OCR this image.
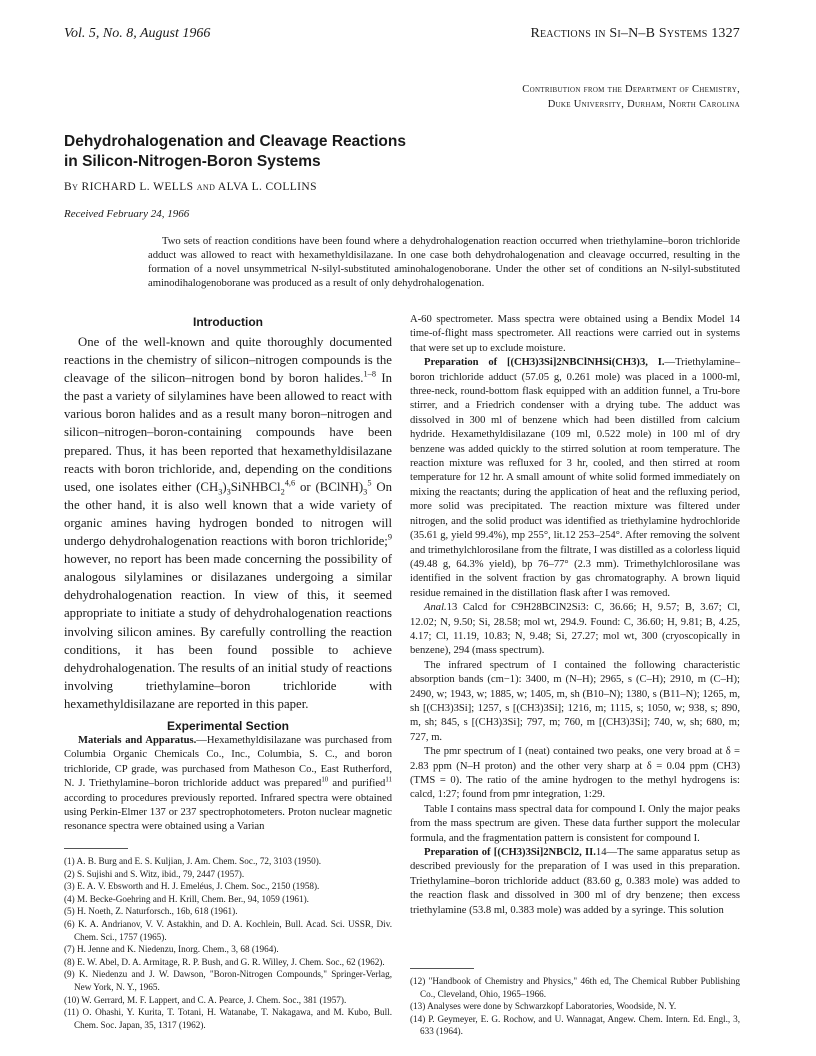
Vol. 5, No. 8, August 1966	Reactions in Si–N–B Systems 1327
Contribution from the Department of Chemistry,
Duke University, Durham, North Carolina
Dehydrohalogenation and Cleavage Reactions
in Silicon-Nitrogen-Boron Systems
By RICHARD L. WELLS and ALVA L. COLLINS
Received February 24, 1966
Two sets of reaction conditions have been found where a dehydrohalogenation reaction occurred when triethylamine–boron trichloride adduct was allowed to react with hexamethyldisilazane. In one case both dehydrohalogenation and cleavage occurred, resulting in the formation of a novel unsymmetrical N-silyl-substituted aminohalogenoborane. Under the other set of conditions an N-silyl-substituted aminodihalogenoborane was produced as a result of only dehydrohalogenation.
Introduction

One of the well-known and quite thoroughly documented reactions in the chemistry of silicon–nitrogen compounds is the cleavage of the silicon–nitrogen bond by boron halides.$^{1-8}$ In the past a variety of silylamines have been allowed to react with various boron halides and as a result many boron–nitrogen and silicon–nitrogen–boron-containing compounds have been prepared. Thus, it has been reported that hexamethyldisilazane reacts with boron trichloride, and, depending on the conditions used, one isolates either $(CH_3)_3SiNHBCl_2^{4,6}$ or $(BClNH)_3^5$ On the other hand, it is also well known that a wide variety of organic amines having hydrogen bonded to nitrogen will undergo dehydrohalogenation reactions with boron trichloride;$^9$ however, no report has been made concerning the possibility of analogous silylamines or disilazanes undergoing a similar dehydrohalogenation reaction. In view of this, it seemed appropriate to initiate a study of dehydrohalogenation reactions involving silicon amines. By carefully controlling the reaction conditions, it has been found possible to achieve dehydrohalogenation. The results of an initial study of reactions involving triethylamine–boron trichloride with hexamethyldisilazane are reported in this paper.

Experimental Section

Materials and Apparatus.—Hexamethyldisilazane was purchased from Columbia Organic Chemicals Co., Inc., Columbia, S. C., and boron trichloride, CP grade, was purchased from Matheson Co., East Rutherford, N. J. Triethylamine–boron trichloride adduct was prepared$^{10}$ and purified$^{11}$ according to procedures previously reported. Infrared spectra were obtained using Perkin-Elmer 137 or 237 spectrophotometers. Proton nuclear magnetic resonance spectra were obtained using a Varian

(1) A. B. Burg and E. S. Kuljian, J. Am. Chem. Soc., 72, 3103 (1950).

(2) S. Sujishi and S. Witz, ibid., 79, 2447 (1957).

(3) E. A. V. Ebsworth and H. J. Emeléus, J. Chem. Soc., 2150 (1958).

(4) M. Becke-Goehring and H. Krill, Chem. Ber., 94, 1059 (1961).

(5) H. Noeth, Z. Naturforsch., 16b, 618 (1961).

(6) K. A. Andrianov, V. V. Astakhin, and D. A. Kochlein, Bull. Acad. Sci. USSR, Div. Chem. Sci., 1757 (1965).

(7) H. Jenne and K. Niedenzu, Inorg. Chem., 3, 68 (1964).

(8) E. W. Abel, D. A. Armitage, R. P. Bush, and G. R. Willey, J. Chem. Soc., 62 (1962).

(9) K. Niedenzu and J. W. Dawson, "Boron-Nitrogen Compounds," Springer-Verlag, New York, N. Y., 1965.

(10) W. Gerrard, M. F. Lappert, and C. A. Pearce, J. Chem. Soc., 381 (1957).

(11) O. Ohashi, Y. Kurita, T. Totani, H. Watanabe, T. Nakagawa, and M. Kubo, Bull. Chem. Soc. Japan, 35, 1317 (1962).

A-60 spectrometer. Mass spectra were obtained using a Bendix Model 14 time-of-flight mass spectrometer. All reactions were carried out in systems that were set up to exclude moisture.

Preparation of [(CH3)3Si]2NBClNHSi(CH3)3, I.—Triethylamine–boron trichloride adduct (57.05 g, 0.261 mole) was placed in a 1000-ml, three-neck, round-bottom flask equipped with an addition funnel, a Tru-bore stirrer, and a Friedrich condenser with a drying tube. The adduct was dissolved in 300 ml of benzene which had been distilled from calcium hydride. Hexamethyldisilazane (109 ml, 0.522 mole) in 100 ml of dry benzene was added quickly to the stirred solution at room temperature. The reaction mixture was refluxed for 3 hr, cooled, and then stirred at room temperature for 12 hr. A small amount of white solid formed immediately on mixing the reactants; during the application of heat and the refluxing period, more solid was precipitated. The reaction mixture was filtered under nitrogen, and the solid product was identified as triethylamine hydrochloride (35.61 g, yield 99.4%), mp 255°, lit.12 253–254°. After removing the solvent and trimethylchlorosilane from the filtrate, I was distilled as a colorless liquid (49.48 g, 64.3% yield), bp 76–77° (2.3 mm). Trimethylchlorosilane was identified in the solvent fraction by gas chromatography. A brown liquid residue remained in the distillation flask after I was removed.

Anal.13 Calcd for C9H28BClN2Si3: C, 36.66; H, 9.57; B, 3.67; Cl, 12.02; N, 9.50; Si, 28.58; mol wt, 294.9. Found: C, 36.60; H, 9.81; B, 4.25, 4.17; Cl, 11.19, 10.83; N, 9.48; Si, 27.27; mol wt, 300 (cryoscopically in benzene), 294 (mass spectrum).

The infrared spectrum of I contained the following characteristic absorption bands (cm−1): 3400, m (N–H); 2965, s (C–H); 2910, m (C–H); 2490, w; 1943, w; 1885, w; 1405, m, sh (B10–N); 1380, s (B11–N); 1265, m, sh [(CH3)3Si]; 1257, s [(CH3)3Si]; 1216, m; 1115, s; 1050, w; 938, s; 890, m, sh; 845, s [(CH3)3Si]; 797, m; 760, m [(CH3)3Si]; 740, w, sh; 680, m; 727, m.

The pmr spectrum of I (neat) contained two peaks, one very broad at δ = 2.83 ppm (N–H proton) and the other very sharp at δ = 0.04 ppm (CH3) (TMS = 0). The ratio of the amine hydrogen to the methyl hydrogens is: calcd, 1:27; found from pmr integration, 1:29.

Table I contains mass spectral data for compound I. Only the major peaks from the mass spectrum are given. These data further support the molecular formula, and the fragmentation pattern is consistent for compound I.

Preparation of [(CH3)3Si]2NBCl2, II.14—The same apparatus setup as described previously for the preparation of I was used in this preparation. Triethylamine–boron trichloride adduct (83.60 g, 0.383 mole) was added to the reaction flask and dissolved in 300 ml of dry benzene; then excess triethylamine (53.8 ml, 0.383 mole) was added by a syringe. This solution

(12) "Handbook of Chemistry and Physics," 46th ed, The Chemical Rubber Publishing Co., Cleveland, Ohio, 1965–1966.

(13) Analyses were done by Schwarzkopf Laboratories, Woodside, N. Y.

(14) P. Geymeyer, E. G. Rochow, and U. Wannagat, Angew. Chem. Intern. Ed. Engl., 3, 633 (1964).
